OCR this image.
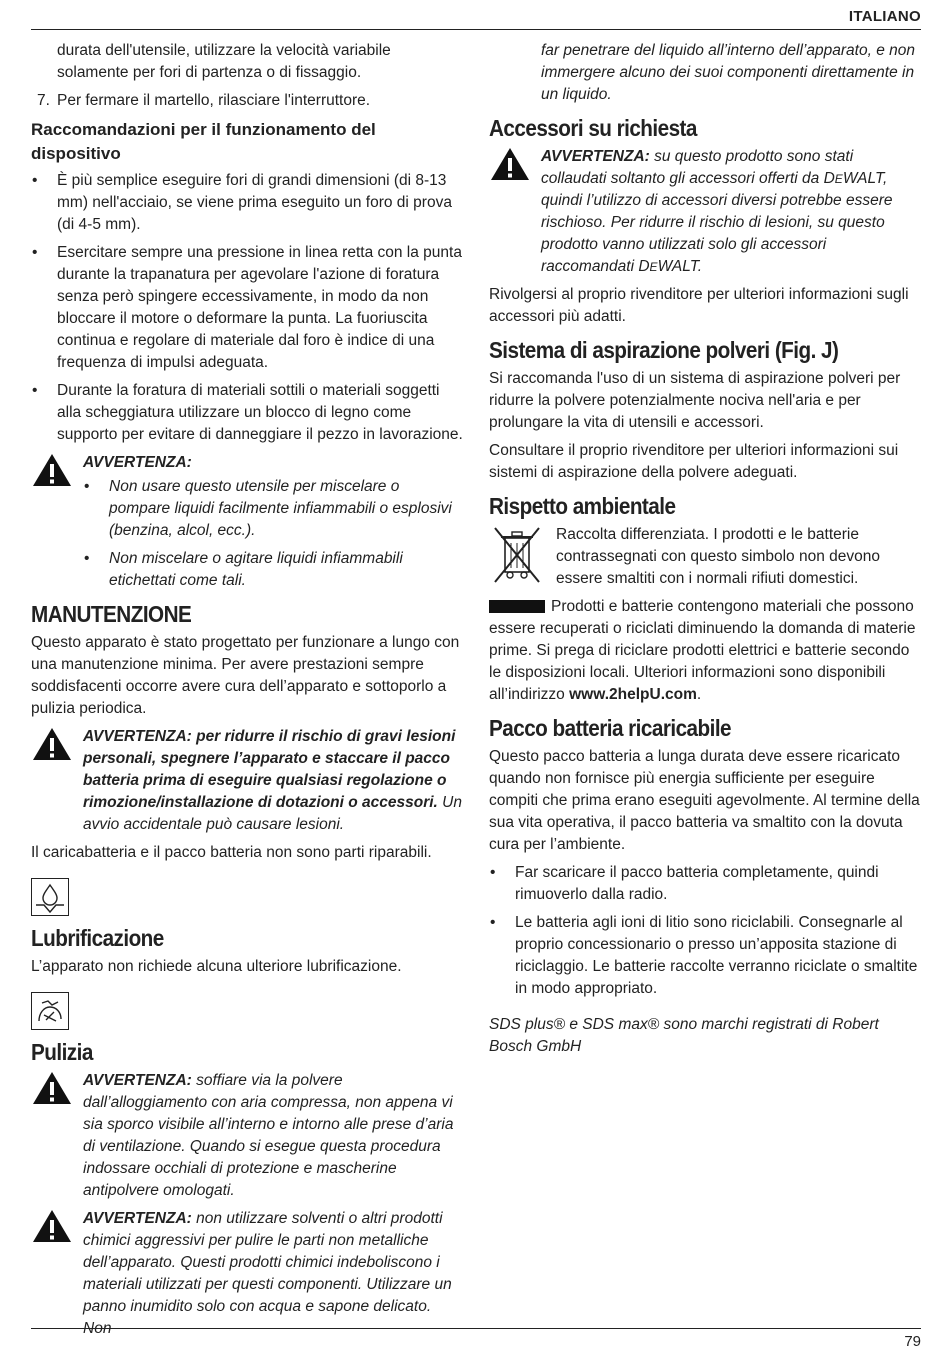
ITALIANO

durata dell'utensile, utilizzare la velocità variabile solamente per fori di partenza o di fissaggio.

7. Per fermare il martello, rilasciare l'interruttore.
Raccomandazioni per il funzionamento del dispositivo
• È più semplice eseguire fori di grandi dimensioni (di 8-13 mm) nell'acciaio, se viene prima eseguito un foro di prova (di 4-5 mm).
• Esercitare sempre una pressione in linea retta con la punta durante la trapanatura per agevolare l'azione di foratura senza però spingere eccessivamente, in modo da non bloccare il motore o deformare la punta. La fuoriuscita continua e regolare di materiale dal foro è indice di una frequenza di impulsi adeguata.
• Durante la foratura di materiali sottili o materiali soggetti alla scheggiatura utilizzare un blocco di legno come supporto per evitare di danneggiare il pezzo in lavorazione.
AVVERTENZA:
• Non usare questo utensile per miscelare o pompare liquidi facilmente infiammabili o esplosivi (benzina, alcol, ecc.).
• Non miscelare o agitare liquidi infiammabili etichettati come tali.
MANUTENZIONE

Questo apparato è stato progettato per funzionare a lungo con una manutenzione minima. Per avere prestazioni sempre soddisfacenti occorre avere cura dell’apparato e sottoporlo a pulizia periodica.

AVVERTENZA: per ridurre il rischio di gravi lesioni personali, spegnere l’apparato e staccare il pacco batteria prima di eseguire qualsiasi regolazione o rimozione/installazione di dotazioni o accessori. Un avvio accidentale può causare lesioni.

Il caricabatteria e il pacco batteria non sono parti riparabili.

Lubrificazione

L’apparato non richiede alcuna ulteriore lubrificazione.

Pulizia

AVVERTENZA: soffiare via la polvere dall’alloggiamento con aria compressa, non appena vi sia sporco visibile all’interno e intorno alle prese d’aria di ventilazione. Quando si esegue questa procedura indossare occhiali di protezione e mascherine antipolvere omologati.

AVVERTENZA: non utilizzare solventi o altri prodotti chimici aggressivi per pulire le parti non metalliche dell’apparato. Questi prodotti chimici indeboliscono i materiali utilizzati per questi componenti. Utilizzare un panno inumidito solo con acqua e sapone delicato. Non

far penetrare del liquido all’interno dell’apparato, e non immergere alcuno dei suoi componenti direttamente in un liquido.

Accessori su richiesta

AVVERTENZA: su questo prodotto sono stati collaudati soltanto gli accessori offerti da DEWALT, quindi l’utilizzo di accessori diversi potrebbe essere rischioso. Per ridurre il rischio di lesioni, su questo prodotto vanno utilizzati solo gli accessori raccomandati DEWALT.

Rivolgersi al proprio rivenditore per ulteriori informazioni sugli accessori più adatti.

Sistema di aspirazione polveri (Fig. J)

Si raccomanda l'uso di un sistema di aspirazione polveri per ridurre la polvere potenzialmente nociva nell'aria e per prolungare la vita di utensili e accessori.

Consultare il proprio rivenditore per ulteriori informazioni sui sistemi di aspirazione della polvere adeguati.

Rispetto ambientale

Raccolta differenziata. I prodotti e le batterie contrassegnati con questo simbolo non devono essere smaltiti con i normali rifiuti domestici.

Prodotti e batterie contengono materiali che possono essere recuperati o riciclati diminuendo la domanda di materie prime. Si prega di riciclare prodotti elettrici e batterie secondo le disposizioni locali. Ulteriori informazioni sono disponibili all’indirizzo www.2helpU.com.

Pacco batteria ricaricabile

Questo pacco batteria a lunga durata deve essere ricaricato quando non fornisce più energia sufficiente per eseguire compiti che prima erano eseguiti agevolmente. Al termine della sua vita operativa, il pacco batteria va smaltito con la dovuta cura per l’ambiente.

• Far scaricare il pacco batteria completamente, quindi rimuoverlo dalla radio.
• Le batteria agli ioni di litio sono riciclabili. Consegnarle al proprio concessionario o presso un’apposita stazione di riciclaggio. Le batterie raccolte verranno riciclate o smaltite in modo appropriato.

SDS plus® e SDS max® sono marchi registrati di Robert Bosch GmbH

79
